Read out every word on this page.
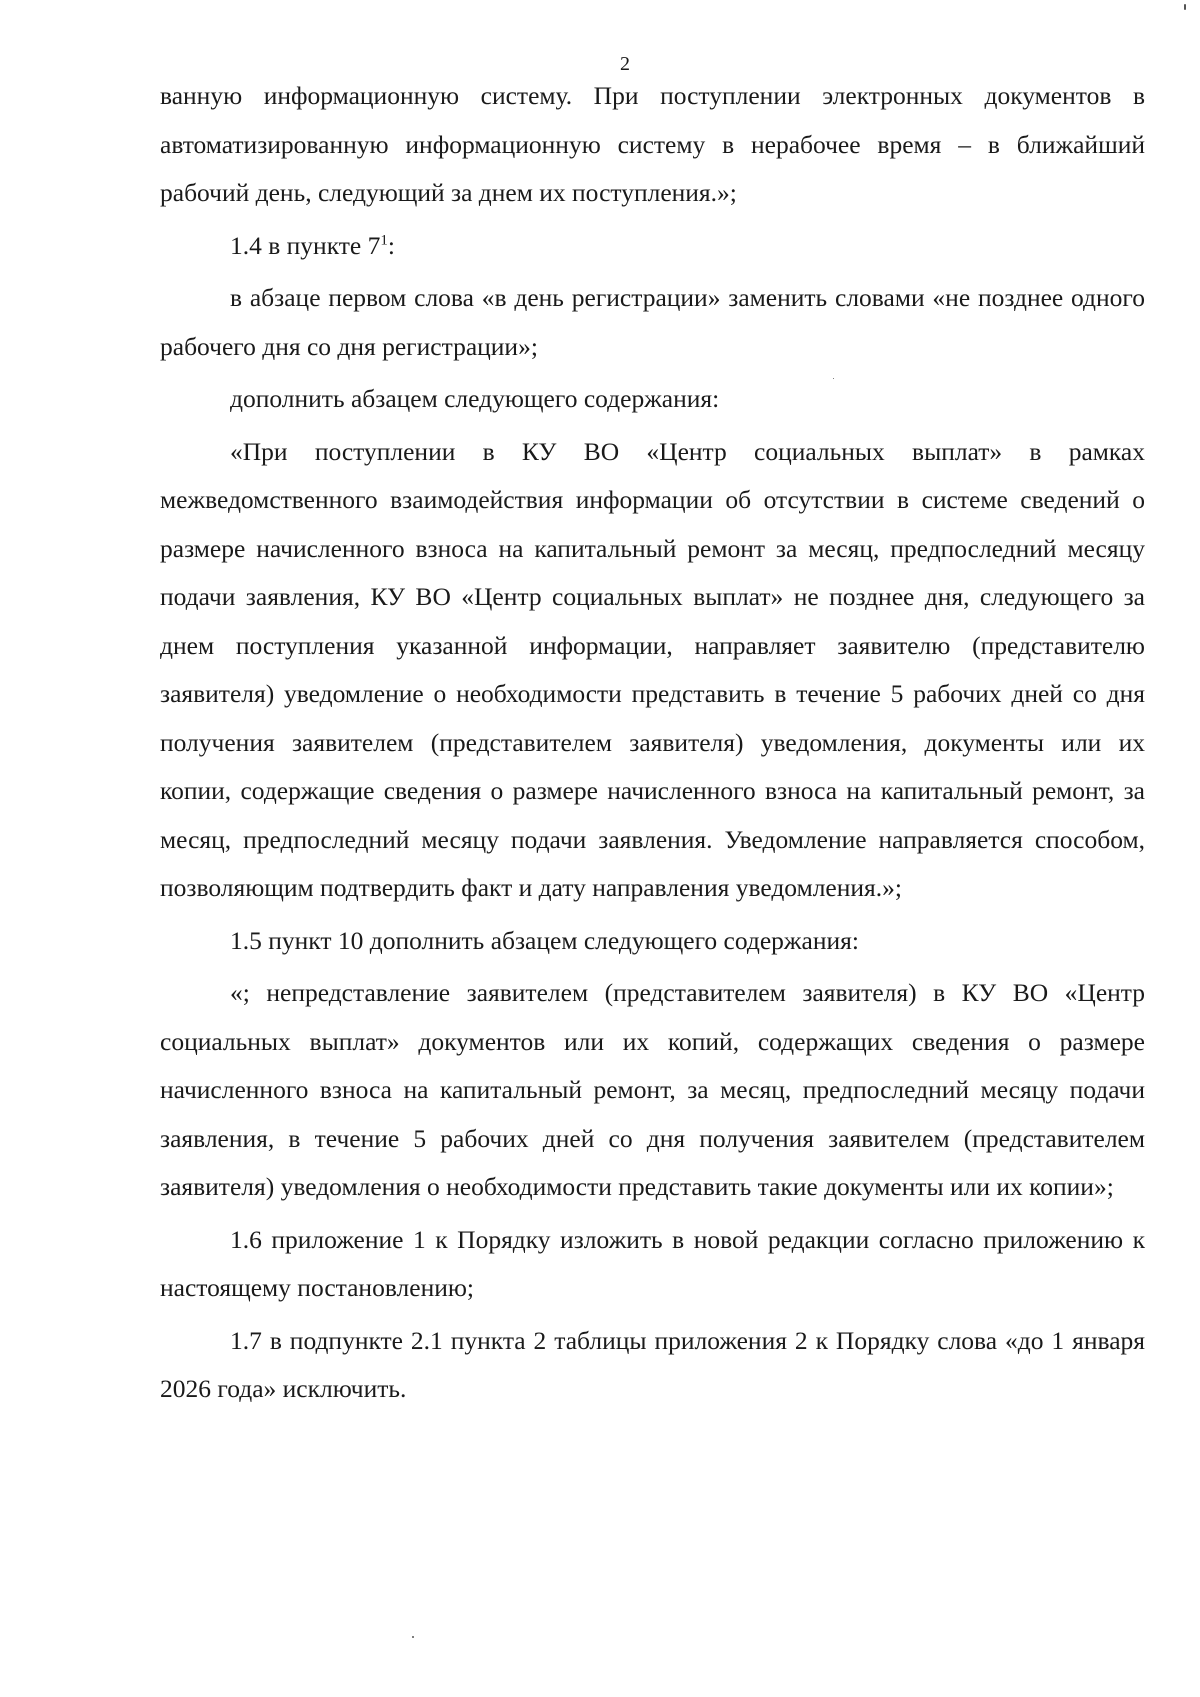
2

ванную информационную систему. При поступлении электронных документов в автоматизированную информационную систему в нерабочее время – в ближайший рабочий день, следующий за днем их поступления.»;

1.4 в пункте $7^1$:

в абзаце первом слова «в день регистрации» заменить словами «не позднее одного рабочего дня со дня регистрации»;

дополнить абзацем следующего содержания:

«При поступлении в КУ ВО «Центр социальных выплат» в рамках межведомственного взаимодействия информации об отсутствии в системе сведений о размере начисленного взноса на капитальный ремонт за месяц, предпоследний месяцу подачи заявления, КУ ВО «Центр социальных выплат» не позднее дня, следующего за днем поступления указанной информации, направляет заявителю (представителю заявителя) уведомление о необходимости представить в течение 5 рабочих дней со дня получения заявителем (представителем заявителя) уведомления, документы или их копии, содержащие сведения о размере начисленного взноса на капитальный ремонт, за месяц, предпоследний месяцу подачи заявления. Уведомление направляется способом, позволяющим подтвердить факт и дату направления уведомления.»;

1.5 пункт 10 дополнить абзацем следующего содержания:

«; непредставление заявителем (представителем заявителя) в КУ ВО «Центр социальных выплат» документов или их копий, содержащих сведения о размере начисленного взноса на капитальный ремонт, за месяц, предпоследний месяцу подачи заявления, в течение 5 рабочих дней со дня получения заявителем (представителем заявителя) уведомления о необходимости представить такие документы или их копии»;

1.6 приложение 1 к Порядку изложить в новой редакции согласно приложению к настоящему постановлению;

1.7 в подпункте 2.1 пункта 2 таблицы приложения 2 к Порядку слова «до 1 января 2026 года» исключить.
